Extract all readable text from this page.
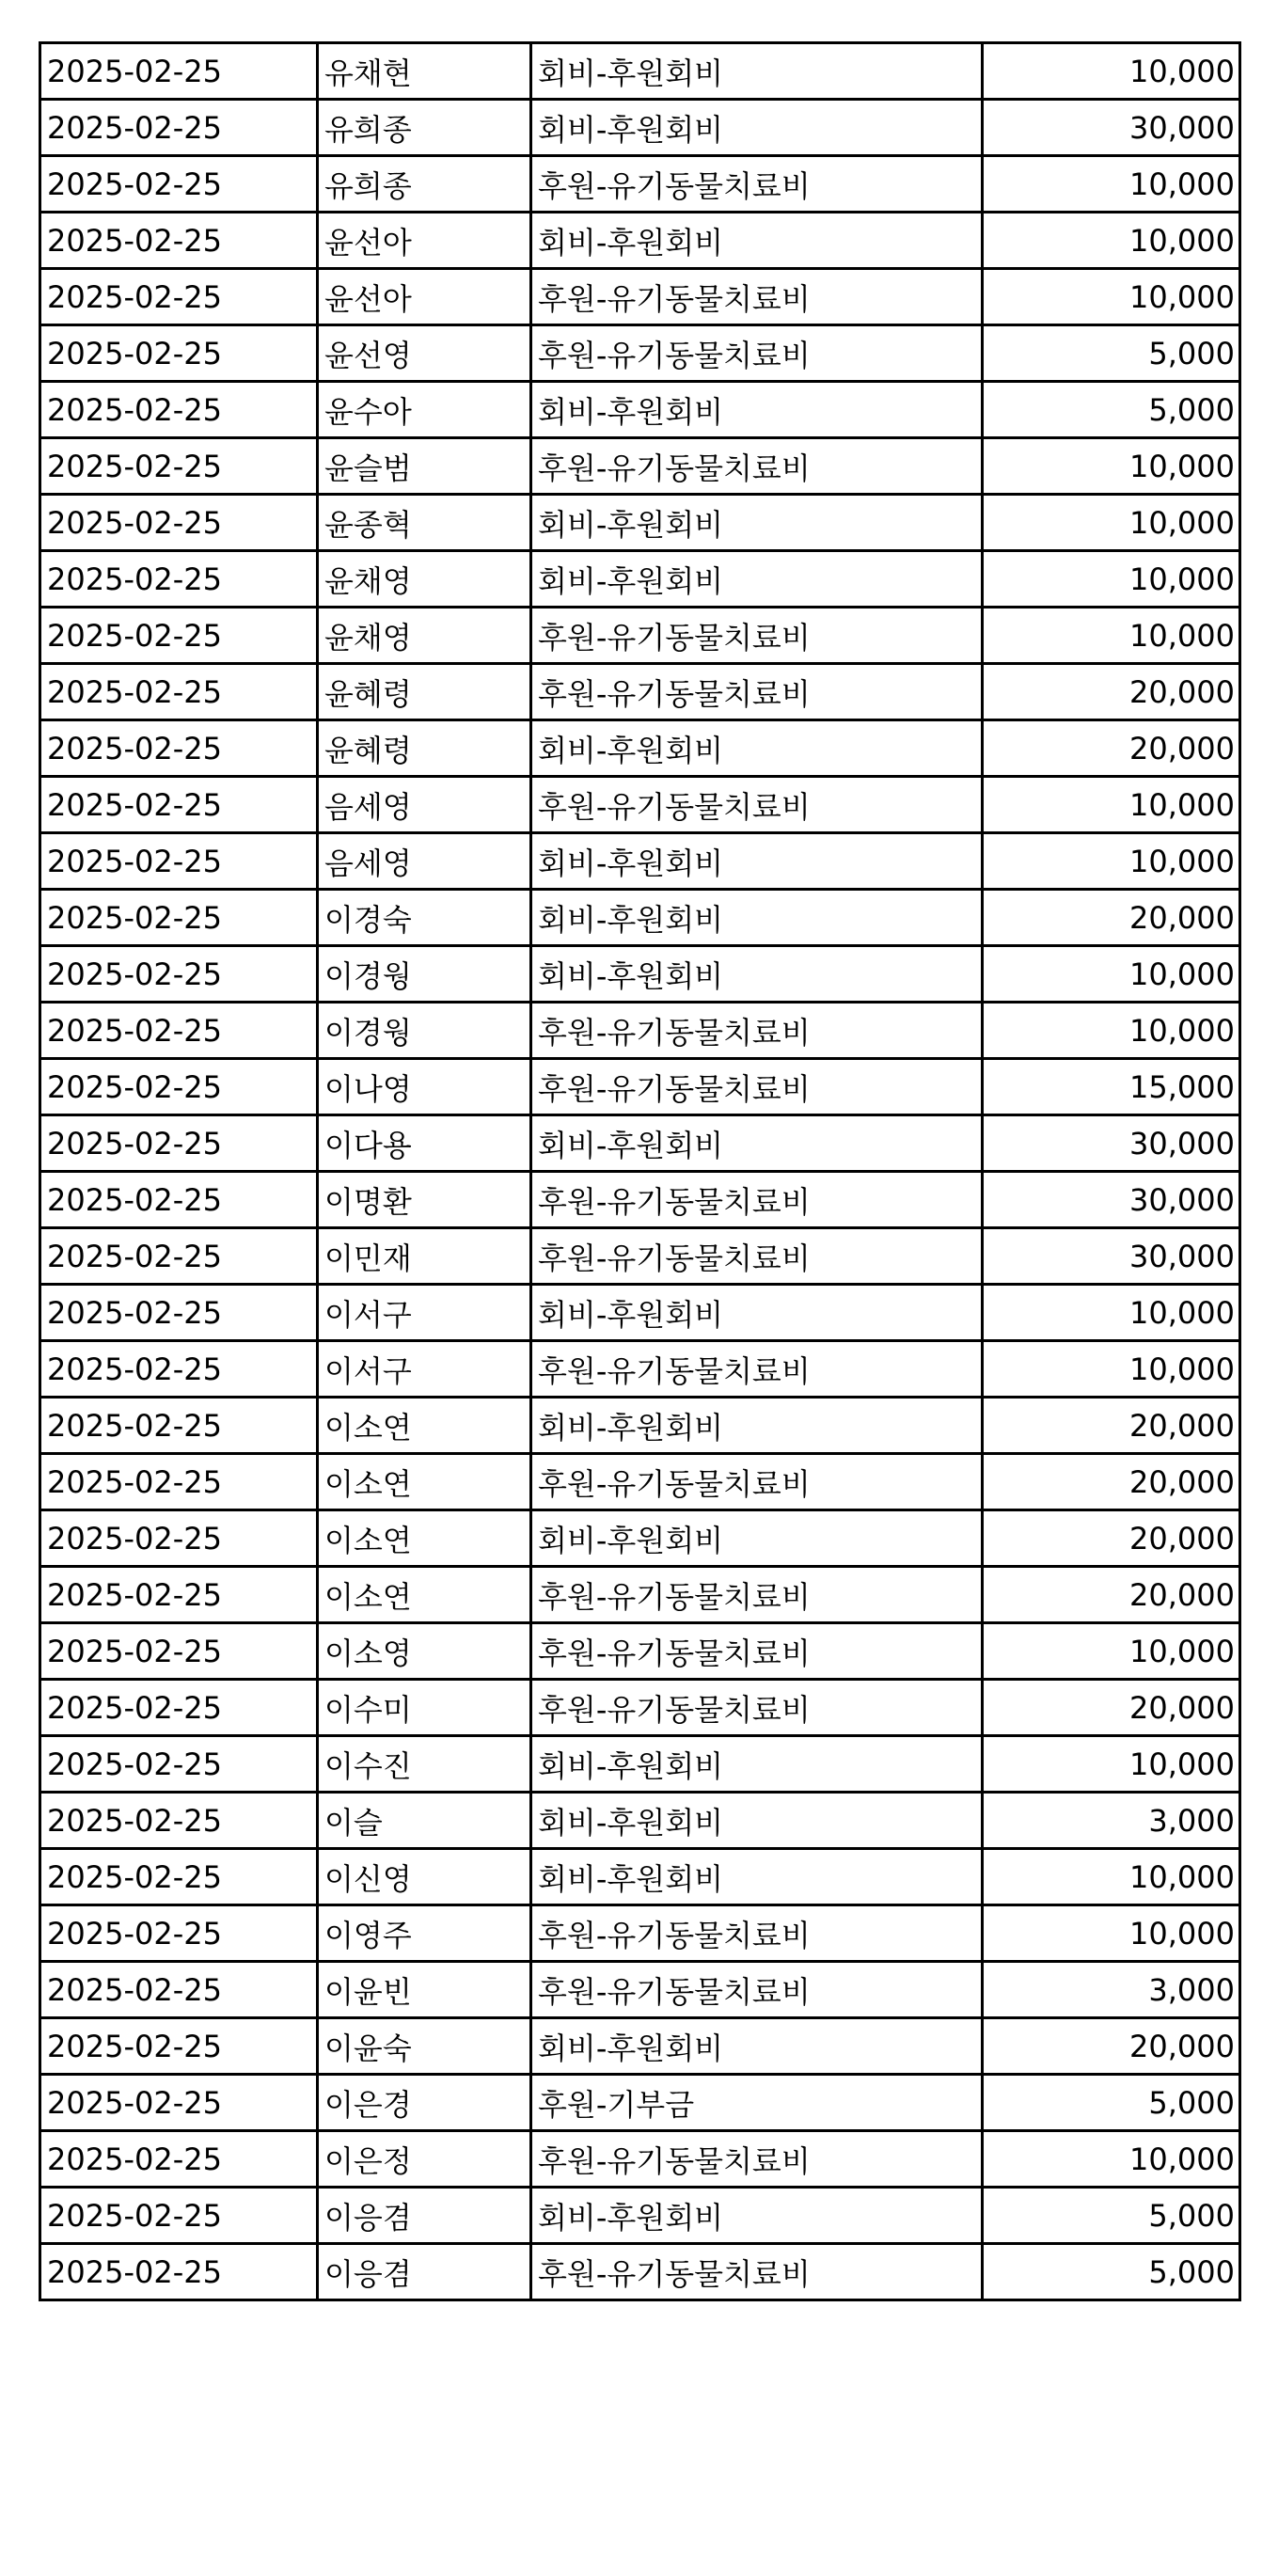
2025-02-25	유채현	회비-후원회비	10,000
2025-02-25	유희종	회비-후원회비	30,000
2025-02-25	유희종	후원-유기동물치료비	10,000
2025-02-25	윤선아	회비-후원회비	10,000
2025-02-25	윤선아	후원-유기동물치료비	10,000
2025-02-25	윤선영	후원-유기동물치료비	5,000
2025-02-25	윤수아	회비-후원회비	5,000
2025-02-25	윤슬범	후원-유기동물치료비	10,000
2025-02-25	윤종혁	회비-후원회비	10,000
2025-02-25	윤채영	회비-후원회비	10,000
2025-02-25	윤채영	후원-유기동물치료비	10,000
2025-02-25	윤혜령	후원-유기동물치료비	20,000
2025-02-25	윤혜령	회비-후원회비	20,000
2025-02-25	음세영	후원-유기동물치료비	10,000
2025-02-25	음세영	회비-후원회비	10,000
2025-02-25	이경숙	회비-후원회비	20,000
2025-02-25	이경웡	회비-후원회비	10,000
2025-02-25	이경웡	후원-유기동물치료비	10,000
2025-02-25	이나영	후원-유기동물치료비	15,000
2025-02-25	이다용	회비-후원회비	30,000
2025-02-25	이명환	후원-유기동물치료비	30,000
2025-02-25	이민재	후원-유기동물치료비	30,000
2025-02-25	이서구	회비-후원회비	10,000
2025-02-25	이서구	후원-유기동물치료비	10,000
2025-02-25	이소연	회비-후원회비	20,000
2025-02-25	이소연	후원-유기동물치료비	20,000
2025-02-25	이소연	회비-후원회비	20,000
2025-02-25	이소연	후원-유기동물치료비	20,000
2025-02-25	이소영	후원-유기동물치료비	10,000
2025-02-25	이수미	후원-유기동물치료비	20,000
2025-02-25	이수진	회비-후원회비	10,000
2025-02-25	이슬	회비-후원회비	3,000
2025-02-25	이신영	회비-후원회비	10,000
2025-02-25	이영주	후원-유기동물치료비	10,000
2025-02-25	이윤빈	후원-유기동물치료비	3,000
2025-02-25	이윤숙	회비-후원회비	20,000
2025-02-25	이은경	후원-기부금	5,000
2025-02-25	이은정	후원-유기동물치료비	10,000
2025-02-25	이응겸	회비-후원회비	5,000
2025-02-25	이응겸	후원-유기동물치료비	5,000
